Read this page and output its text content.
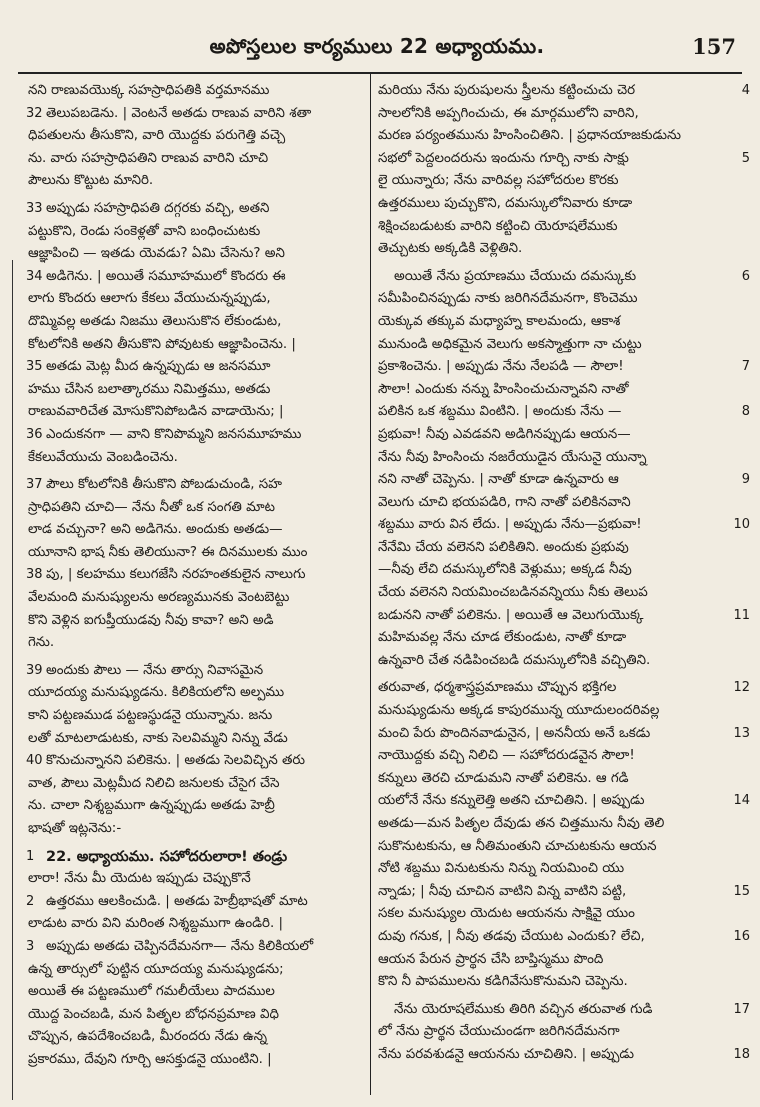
అపోస్తలుల కార్యములు 22 అధ్యాయము.	157
నని రాణువయొక్క సహస్రాధిపతికి వర్తమానము
32 తెలుపబడెను. | వెంటనే అతడు రాణువ వారిని శతా
ధిపతులను తీసుకొని, వారి యొద్దకు పరుగెత్తి వచ్చె
ను. వారు సహస్రాధిపతిని రాణువ వారిని చూచి
పౌలును కొట్టుట మానిరి.
33 అప్పుడు సహస్రాధిపతి దగ్గరకు వచ్చి, అతని
పట్టుకొని, రెండు సంకెళ్లతో వాని బంధించుటకు
ఆజ్ఞాపించి — ఇతడు యెవడు? ఏమి చేసెను? అని
34 అడిగెను. | అయితే సమూహములో కొందరు ఈ
లాగు కొందరు ఆలాగు కేకలు వేయుచున్నప్పుడు,
దొమ్మివల్ల అతడు నిజము తెలుసుకొన లేకుండుట,
కోటలోనికి అతని తీసుకొని పోవుటకు ఆజ్ఞాపించెను. |
35 అతడు మెట్ల మీద ఉన్నప్పుడు ఆ జనసమూ
హము చేసిన బలాత్కారము నిమిత్తము, అతడు
రాణువవారిచేత మోసుకొనిపోబడిన వాడాయెను; |
36 ఎందుకనగా — వాని కొనిపొమ్మని జనసమూహము
కేకలువేయుచు వెంబడించెను.
37 పౌలు కోటలోనికి తీసుకొని పోబడుచుండి, సహ
స్రాధిపతిని చూచి— నేను నీతో ఒక సంగతి మాట
లాడ వచ్చునా? అని అడిగెను. అందుకు అతడు—
యూనాని భాష నీకు తెలియునా? ఈ దినములకు ముం
38 పు, | కలహము కలుగజేసి నరహంతకులైన నాలుగు
వేలమంది మనుష్యులను అరణ్యమునకు వెంటబెట్టు
కొని వెళ్లిన ఐగుప్తీయుడవు నీవు కావా? అని అడి
గెను.
39 అందుకు పౌలు — నేను తార్సు నివాసమైన
యూదయ్య మనుష్యుడను. కిలికియలోని అల్పము
కాని పట్టణముడ పట్టణస్థుడనై యున్నాను. జను
లతో మాటలాడుటకు, నాకు సెలవిమ్మని నిన్ను వేడు
40 కొనుచున్నానని పలికెను. | అతడు సెలవిచ్చిన తరు
వాత, పౌలు మెట్లమీద నిలిచి జనులకు చేసైగ చేసె
ను. చాలా నిశ్శబ్దముగా ఉన్నప్పుడు అతడు హెబ్రీ
భాషతో ఇట్లనెను:-
1 22. అధ్యాయము. సహోదరులారా! తండ్రు
లారా! నేను మీ యెదుట ఇప్పుడు చెప్పుకొనే
2 ఉత్తరము ఆలకించుడి. | అతడు హెబ్రీభాషతో మాట
లాడుట వారు విని మరింత నిశ్శబ్దముగా ఉండిరి. |
3 అప్పుడు అతడు చెప్పినదేమనగా— నేను కిలికియలో
ఉన్న తార్సులో పుట్టిన యూదయ్య మనుష్యుడను;
అయితే ఈ పట్టణములో గమలీయేలు పాదముల
యొద్ద పెంచబడి, మన పితృల బోధనప్రమాణ విధి
చొప్పున, ఉపదేశించబడి, మీరందరు నేడు ఉన్న
ప్రకారము, దేవుని గూర్చి ఆసక్తుడనై యుంటిని. |
4
మరియు నేను పురుషులను స్త్రీలను కట్టించుచు చెర
సాలలోనికి అప్పగించుచు, ఈ మార్గములోని వారిని,
మరణ పర్యంతమును హింసించితిని. | ప్రధానయాజకుడును
5
సభలో పెద్దలందరును ఇందును గూర్చి నాకు సాక్షు
లై యున్నారు; నేను వారివల్ల సహోదరుల కొరకు
ఉత్తరములు పుచ్చుకొని, దమస్కులోనివారు కూడా
శిక్షించబడుటకు వారిని కట్టించి యెరూషలేముకు
తెచ్చుటకు అక్కడికి వెళ్లితిని.
6
అయితే నేను ప్రయాణము చేయుచు దమస్కుకు
సమీపించినప్పుడు నాకు జరిగినదేమనగా, కొంచెము
యెక్కువ తక్కువ మధ్యాహ్న కాలమందు, ఆకాశ
మునుండి అధికమైన వెలుగు అకస్మాత్తుగా నా చుట్టు
7
ప్రకాశించెను. | అప్పుడు నేను నేలపడి — సౌలా!
సౌలా! ఎందుకు నన్ను హింసించుచున్నావని నాతో
8
పలికిన ఒక శబ్దము వింటిని. | అందుకు నేను —
ప్రభువా! నీవు ఎవడవని అడిగినప్పుడు ఆయన—
నేను నీవు హింసించు నజరేయుడైన యేసునై యున్నా
9
నని నాతో చెప్పెను. | నాతో కూడా ఉన్నవారు ఆ
వెలుగు చూచి భయపడిరి, గాని నాతో పలికినవాని
10
శబ్దము వారు విన లేదు. | అప్పుడు నేను—ప్రభువా!
నేనేమి చేయ వలెనని పలికితిని. అందుకు ప్రభువు
—నీవు లేచి దమస్కులోనికి వెళ్లుము; అక్కడ నీవు
చేయ వలెనని నియమించబడినవన్నియు నీకు తెలుప
11
బడునని నాతో పలికెను. | అయితే ఆ వెలుగుయొక్క
మహిమవల్ల నేను చూడ లేకుండుట, నాతో కూడా
ఉన్నవారి చేత నడిపించబడి దమస్కులోనికి వచ్చితిని.
12
తరువాత, ధర్మశాస్త్రప్రమాణము చొప్పున భక్తిగల
మనుష్యుడును అక్కడ కాపురమున్న యూదులందరివల్ల
13
మంచి పేరు పొందినవాడునైన, | అననీయ అనే ఒకడు
నాయొద్దకు వచ్చి నిలిచి — సహోదరుడవైన సౌలా!
కన్నులు తెరచి చూడుమని నాతో పలికెను. ఆ గడి
14
యలోనే నేను కన్నులెత్తి అతని చూచితిని. | అప్పుడు
అతడు—మన పితృల దేవుడు తన చిత్తమును నీవు తెలి
సుకొనుటకును, ఆ నీతిమంతుని చూచుటకును ఆయన
నోటి శబ్దము వినుటకును నిన్ను నియమించి యు
15
న్నాడు; | నీవు చూచిన వాటిని విన్న వాటిని పట్టి,
సకల మనుష్యుల యెదుట ఆయనను సాక్షివై యుం
16
దువు గనుక, | నీవు తడవు చేయుట ఎందుకు? లేచి,
ఆయన పేరున ప్రార్థన చేసి బాప్తిస్మము పొంది
కొని నీ పాపములను కడిగివేసుకొనుమని చెప్పెను.
17
నేను యెరూషలేముకు తిరిగి వచ్చిన తరువాత గుడి
లో నేను ప్రార్థన చేయుచుండగా జరిగినదేమనగా
18
నేను పరవశుడనై ఆయనను చూచితిని. | అప్పుడు
